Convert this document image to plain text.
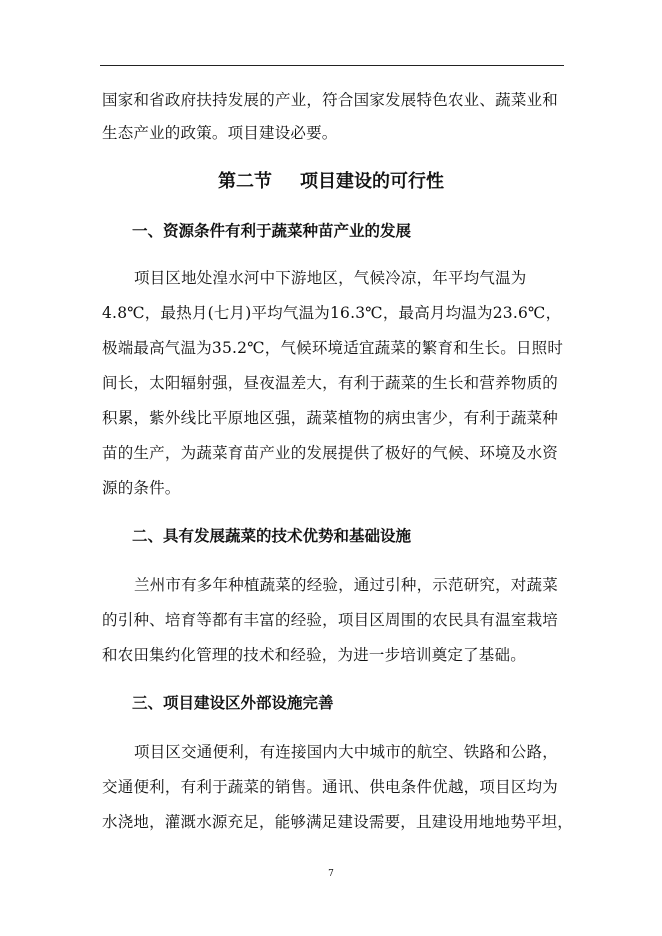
国家和省政府扶持发展的产业，符合国家发展特色农业、蔬菜业和
生态产业的政策。项目建设必要。
第二节 项目建设的可行性
一、资源条件有利于蔬菜种苗产业的发展
项目区地处湟水河中下游地区，气候冷凉，年平均气温为
4.8℃，最热月(七月)平均气温为16.3℃，最高月均温为23.6℃，
极端最高气温为35.2℃，气候环境适宜蔬菜的繁育和生长。日照时
间长，太阳辐射强，昼夜温差大，有利于蔬菜的生长和营养物质的
积累，紫外线比平原地区强，蔬菜植物的病虫害少，有利于蔬菜种
苗的生产，为蔬菜育苗产业的发展提供了极好的气候、环境及水资
源的条件。
二、具有发展蔬菜的技术优势和基础设施
兰州市有多年种植蔬菜的经验，通过引种，示范研究，对蔬菜
的引种、培育等都有丰富的经验，项目区周围的农民具有温室栽培
和农田集约化管理的技术和经验，为进一步培训奠定了基础。
三、项目建设区外部设施完善
项目区交通便利，有连接国内大中城市的航空、铁路和公路，
交通便利，有利于蔬菜的销售。通讯、供电条件优越，项目区均为
水浇地，灌溉水源充足，能够满足建设需要，且建设用地地势平坦，
7
